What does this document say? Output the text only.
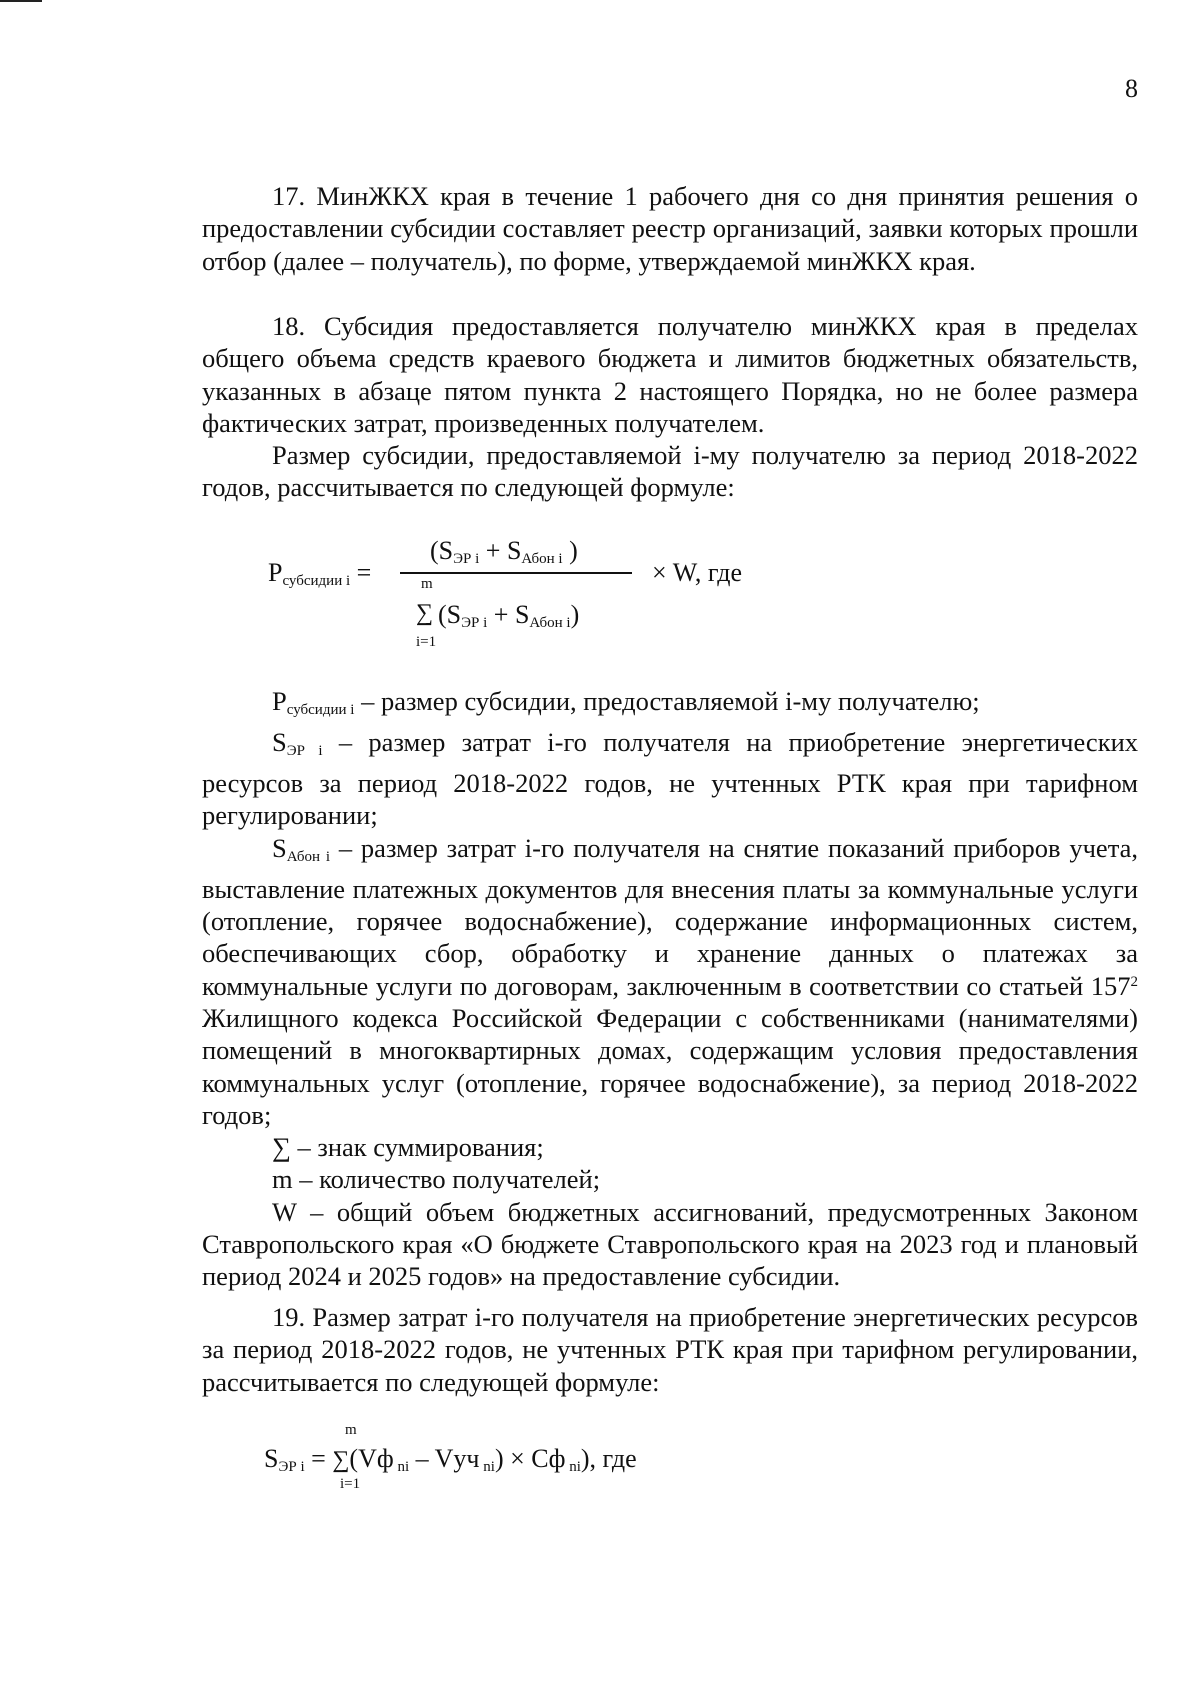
8

17. МинЖКХ края в течение 1 рабочего дня со дня принятия решения о предоставлении субсидии составляет реестр организаций, заявки которых прошли отбор (далее – получатель), по форме, утверждаемой минЖКХ края.

18. Субсидия предоставляется получателю минЖКХ края в пределах общего объема средств краевого бюджета и лимитов бюджетных обязательств, указанных в абзаце пятом пункта 2 настоящего Порядка, но не более размера фактических затрат, произведенных получателем.

Размер субсидии, предоставляемой i-му получателю за период 2018-2022 годов, рассчитывается по следующей формуле:

$P_{субсидии i}$ =
($S_{ЭР i} + S_{Абон i}$ )
m
∑
i=1
$(S_{ЭР i} + S_{Абон i})$
× W, где

$P_{субсидии i}$ – размер субсидии, предоставляемой i-му получателю;

$S_{ЭР i}$ – размер затрат i-го получателя на приобретение энергетических ресурсов за период 2018-2022 годов, не учтенных РТК края при тарифном регулировании;

$S_{Абон i}$ – размер затрат i-го получателя на снятие показаний приборов учета, выставление платежных документов для внесения платы за коммунальные услуги (отопление, горячее водоснабжение), содержание информационных систем, обеспечивающих сбор, обработку и хранение данных о платежах за коммунальные услуги по договорам, заключенным в соответствии со статьей $157^2$ Жилищного кодекса Российской Федерации с собственниками (нанимателями) помещений в многоквартирных домах, содержащим условия предоставления коммунальных услуг (отопление, горячее водоснабжение), за период 2018-2022 годов;

∑ – знак суммирования;

m – количество получателей;

W – общий объем бюджетных ассигнований, предусмотренных Законом Ставропольского края «О бюджете Ставропольского края на 2023 год и плановый период 2024 и 2025 годов» на предоставление субсидии.

19. Размер затрат i-го получателя на приобретение энергетических ресурсов за период 2018-2022 годов, не учтенных РТК края при тарифном регулировании, рассчитывается по следующей формуле:

m
i=1
$S_{ЭР i} = \sum(Vф$ $_{ni}$ – Vуч $_{ni}$) × Cф $_{ni}$), где
